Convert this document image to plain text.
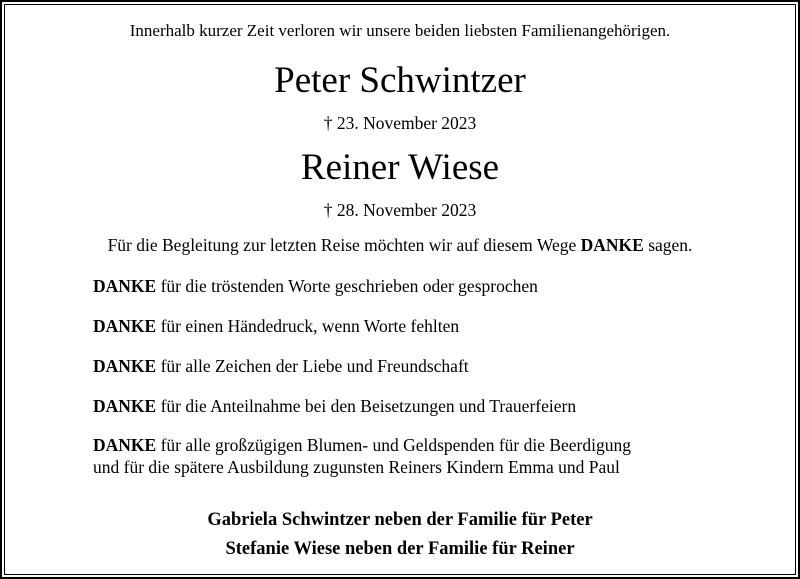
Innerhalb kurzer Zeit verloren wir unsere beiden liebsten Familienangehörigen.
Peter Schwintzer
† 23. November 2023
Reiner Wiese
† 28. November 2023
Für die Begleitung zur letzten Reise möchten wir auf diesem Wege DANKE sagen.
DANKE für die tröstenden Worte geschrieben oder gesprochen
DANKE für einen Händedruck, wenn Worte fehlten
DANKE für alle Zeichen der Liebe und Freundschaft
DANKE für die Anteilnahme bei den Beisetzungen und Trauerfeiern
DANKE für alle großzügigen Blumen- und Geldspenden für die Beerdigung
und für die spätere Ausbildung zugunsten Reiners Kindern Emma und Paul
Gabriela Schwintzer neben der Familie für Peter
Stefanie Wiese neben der Familie für Reiner
